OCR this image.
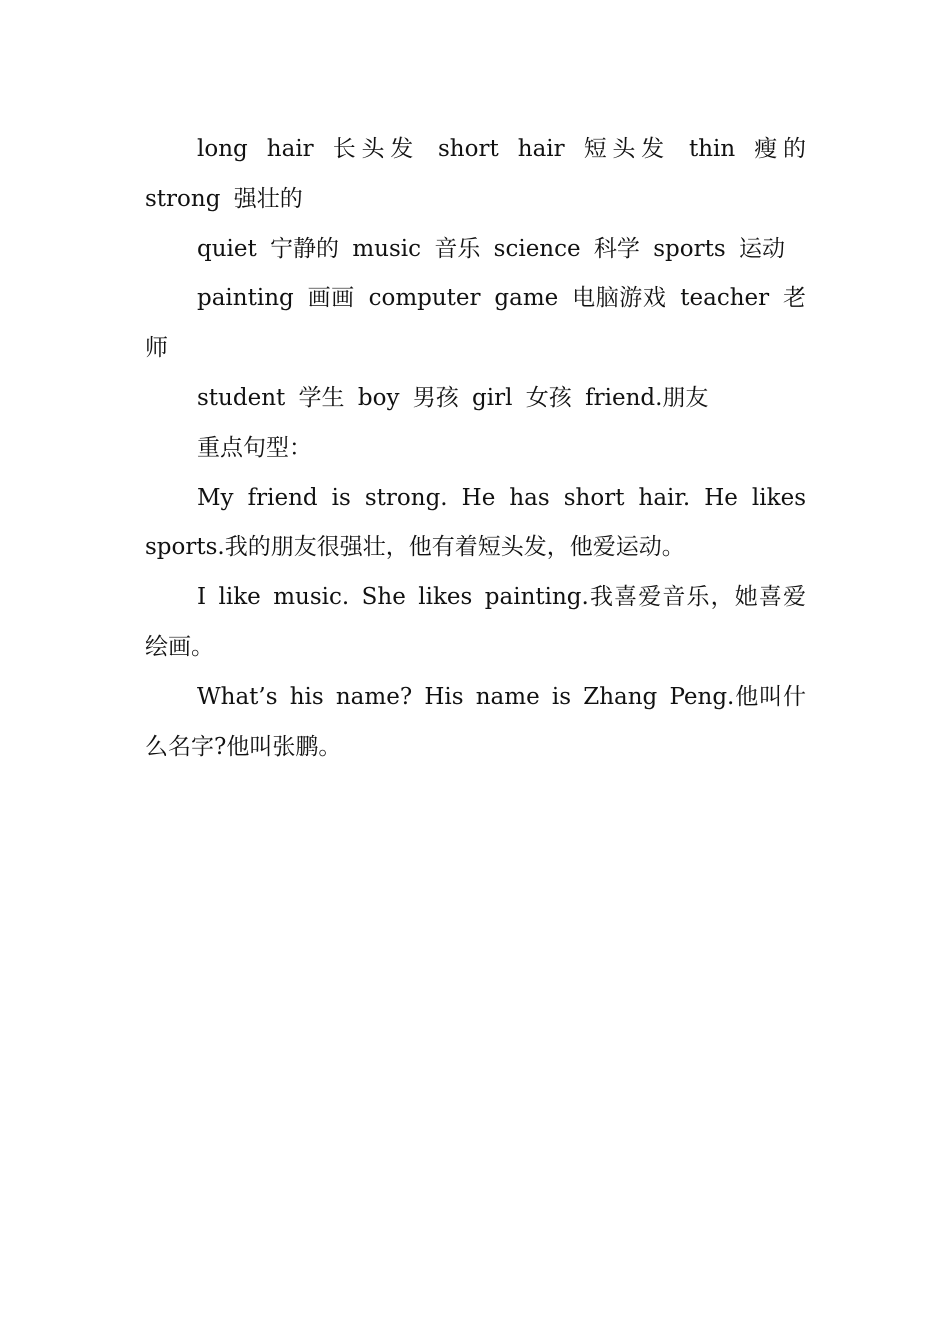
long hair 长头发 short hair 短头发 thin 瘦的 strong 强壮的

quiet 宁静的 music 音乐 science 科学 sports 运动

painting 画画 computer game 电脑游戏 teacher 老师

student 学生 boy 男孩 girl 女孩 friend.朋友

重点句型：

My friend is strong. He has short hair. He likes sports.我的朋友很强壮，他有着短头发，他爱运动。

I like music. She likes painting.我喜爱音乐，她喜爱绘画。

What’s his name? His name is Zhang Peng.他叫什么名字?他叫张鹏。
